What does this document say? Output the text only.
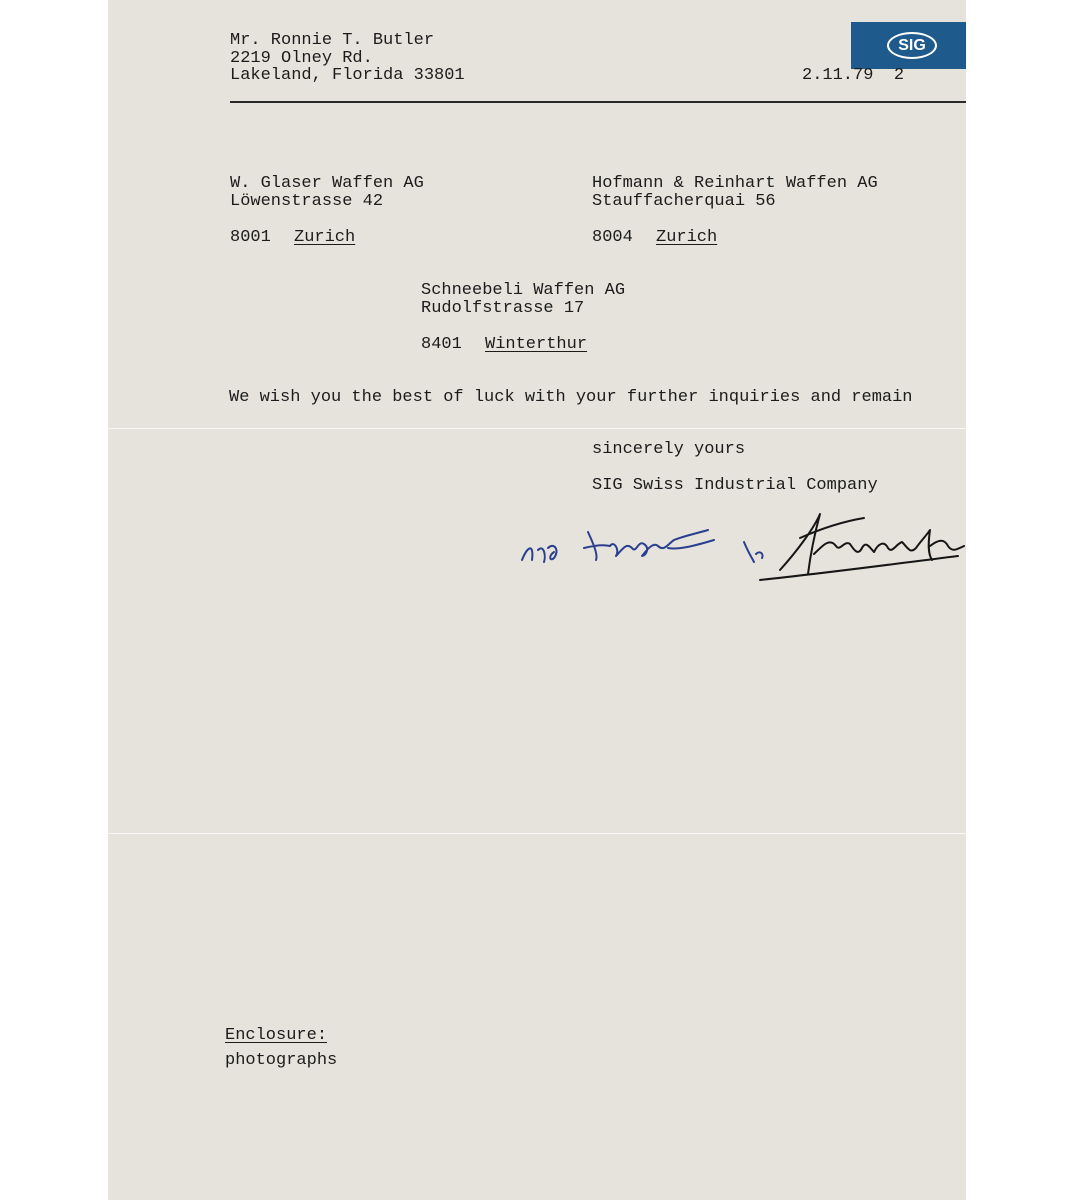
SIG
Mr. Ronnie T. Butler
2219 Olney Rd.
Lakeland, Florida 33801	2.11.79  2
W. Glaser Waffen AG
Löwenstrasse 42
8001 Zurich
Hofmann & Reinhart Waffen AG
Stauffacherquai 56
8004 Zurich
Schneebeli Waffen AG
Rudolfstrasse 17
8401 Winterthur
We wish you the best of luck with your further inquiries and remain
sincerely yours
SIG Swiss Industrial Company
Enclosure:
photographs
